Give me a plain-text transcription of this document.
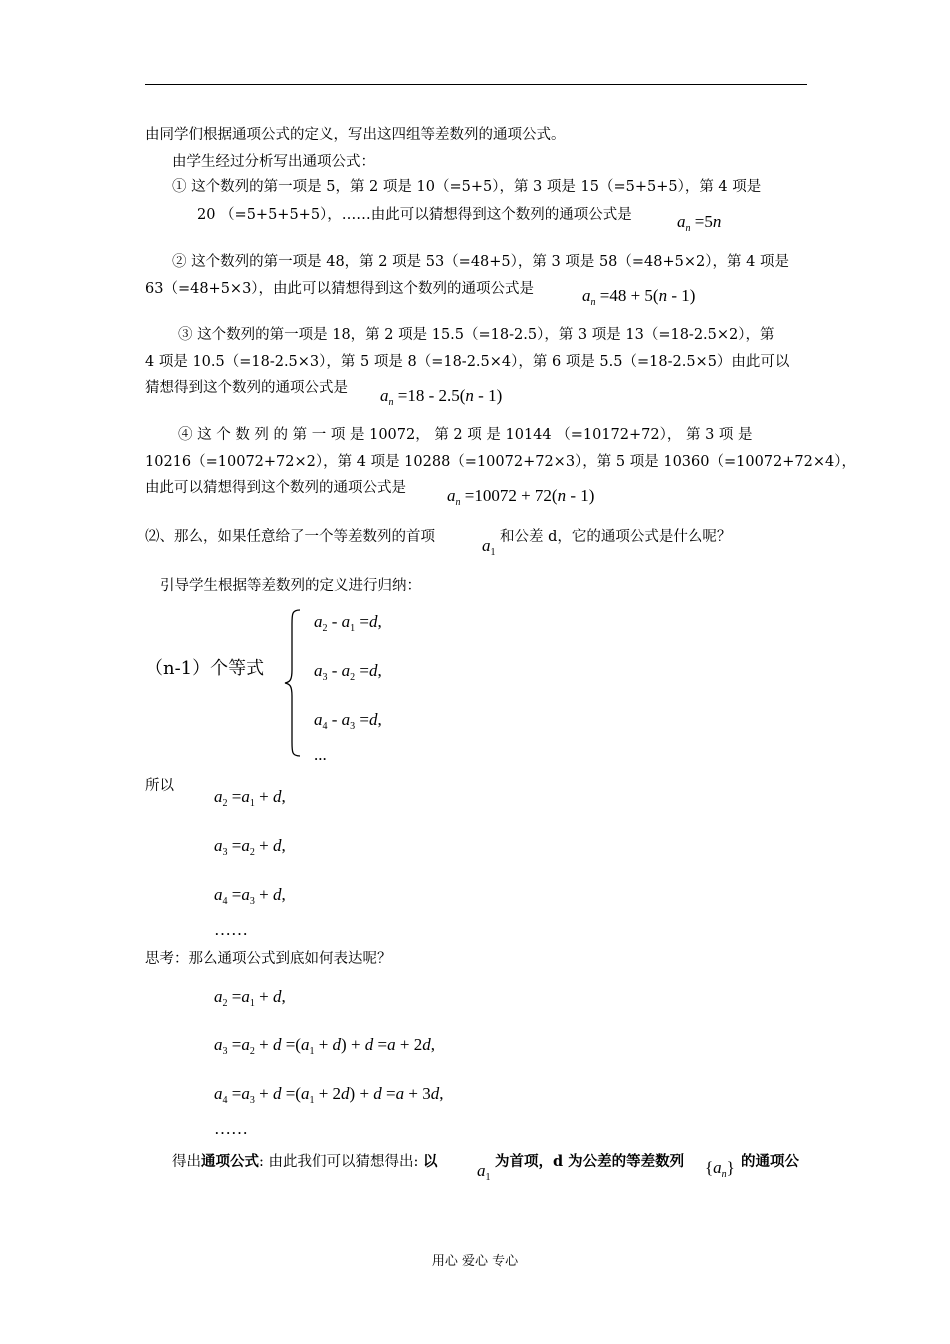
由同学们根据通项公式的定义，写出这四组等差数列的通项公式。
由学生经过分析写出通项公式：
① 这个数列的第一项是 5，第 2 项是 10（=5+5），第 3 项是 15（=5+5+5），第 4 项是
20 （=5+5+5+5），……由此可以猜想得到这个数列的通项公式是	$a_n =5n$
② 这个数列的第一项是 48，第 2 项是 53（=48+5），第 3 项是 58（=48+5×2），第 4 项是
63（=48+5×3），由此可以猜想得到这个数列的通项公式是	$a_n =48 + 5(n - 1)$
③ 这个数列的第一项是 18，第 2 项是 15.5（=18-2.5），第 3 项是 13（=18-2.5×2），第
4 项是 10.5（=18-2.5×3），第 5 项是 8（=18-2.5×4），第 6 项是 5.5（=18-2.5×5）由此可以
猜想得到这个数列的通项公式是 $a_n =18 - 2.5(n - 1)$
④ 这 个 数 列 的 第 一 项 是 10072， 第 2 项 是 10144 （=10172+72）， 第 3 项 是
10216（=10072+72×2），第 4 项是 10288（=10072+72×3），第 5 项是 10360（=10072+72×4），
由此可以猜想得到这个数列的通项公式是 $a_n =10072 + 72(n - 1)$
⑵、那么，如果任意给了一个等差数列的首项	$a_1$
和公差 d，它的通项公式是什么呢？
引导学生根据等差数列的定义进行归纳：
（n-1）个等式
$a_2 - a_1 =d$,
$a_3 - a_2 =d$,
$a_4 - a_3 =d$,
...
所以
$a_2 =a_1 + d$,
$a_3 =a_2 + d$,
$a_4 =a_3 + d$,
……
思考：那么通项公式到底如何表达呢？
$a_2 =a_1 + d$,
$a_3 =a_2 + d =(a_1 + d) + d =a + 2d$,
$a_4 =a_3 + d =(a_1 + 2d) + d =a + 3d$,
……
得出通项公式: 由此我们可以猜想得出: 以 $a_1$
为首项，d 为公差的等差数列 $\{a_n\}$ 的通项公
用心 爱心 专心
